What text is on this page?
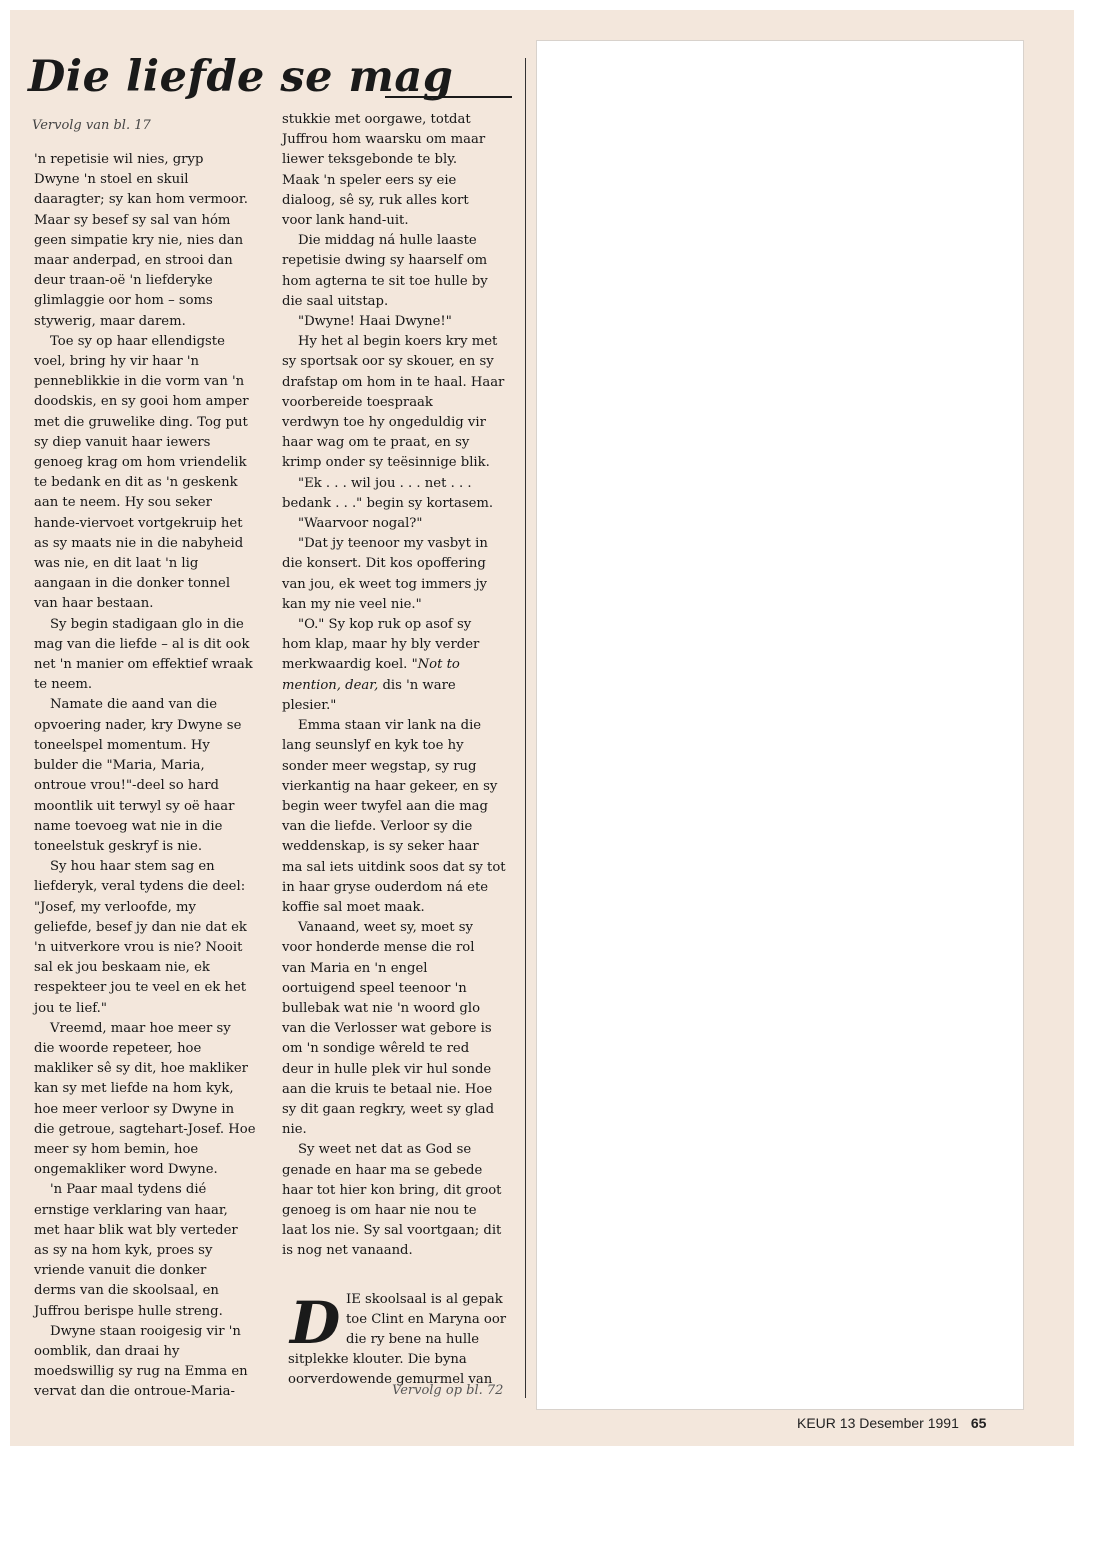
Die liefde se mag
Vervolg van bl. 17

'n repetisie wil nies, gryp
Dwyne 'n stoel en skuil
daaragter; sy kan hom vermoor.
Maar sy besef sy sal van hóm
geen simpatie kry nie, nies dan
maar anderpad, en strooi dan
deur traan-oë 'n liefderyke
glimlaggie oor hom – soms
stywerig, maar darem.

Toe sy op haar ellendigste
voel, bring hy vir haar 'n
penneblikkie in die vorm van 'n
doodskis, en sy gooi hom amper
met die gruwelike ding. Tog put
sy diep vanuit haar iewers
genoeg krag om hom vriendelik
te bedank en dit as 'n geskenk
aan te neem. Hy sou seker
hande-viervoet vortgekruip het
as sy maats nie in die nabyheid
was nie, en dit laat 'n lig
aangaan in die donker tonnel
van haar bestaan.

Sy begin stadigaan glo in die
mag van die liefde – al is dit ook
net 'n manier om effektief wraak
te neem.

Namate die aand van die
opvoering nader, kry Dwyne se
toneelspel momentum. Hy
bulder die "Maria, Maria,
ontroue vrou!"-deel so hard
moontlik uit terwyl sy oë haar
name toevoeg wat nie in die
toneelstuk geskryf is nie.

Sy hou haar stem sag en
liefderyk, veral tydens die deel:
"Josef, my verloofde, my
geliefde, besef jy dan nie dat ek
'n uitverkore vrou is nie? Nooit
sal ek jou beskaam nie, ek
respekteer jou te veel en ek het
jou te lief."

Vreemd, maar hoe meer sy
die woorde repeteer, hoe
makliker sê sy dit, hoe makliker
kan sy met liefde na hom kyk,
hoe meer verloor sy Dwyne in
die getroue, sagtehart-Josef. Hoe
meer sy hom bemin, hoe
ongemakliker word Dwyne.

'n Paar maal tydens dié
ernstige verklaring van haar,
met haar blik wat bly verteder
as sy na hom kyk, proes sy
vriende vanuit die donker
derms van die skoolsaal, en
Juffrou berispe hulle streng.

Dwyne staan rooigesig vir 'n
oomblik, dan draai hy
moedswillig sy rug na Emma en
vervat dan die ontroue-Maria-

stukkie met oorgawe, totdat
Juffrou hom waarsku om maar
liewer teksgebonde te bly.
Maak 'n speler eers sy eie
dialoog, sê sy, ruk alles kort
voor lank hand-uit.

Die middag ná hulle laaste
repetisie dwing sy haarself om
hom agterna te sit toe hulle by
die saal uitstap.

"Dwyne! Haai Dwyne!"

Hy het al begin koers kry met
sy sportsak oor sy skouer, en sy
drafstap om hom in te haal. Haar
voorbereide toespraak
verdwyn toe hy ongeduldig vir
haar wag om te praat, en sy
krimp onder sy teësinnige blik.

"Ek . . . wil jou . . . net . . .
bedank . . ." begin sy kortasem.

"Waarvoor nogal?"

"Dat jy teenoor my vasbyt in
die konsert. Dit kos opoffering
van jou, ek weet tog immers jy
kan my nie veel nie."

"O." Sy kop ruk op asof sy
hom klap, maar hy bly verder
merkwaardig koel. "Not to
mention, dear, dis 'n ware
plesier."

Emma staan vir lank na die
lang seunslyf en kyk toe hy
sonder meer wegstap, sy rug
vierkantig na haar gekeer, en sy
begin weer twyfel aan die mag
van die liefde. Verloor sy die
weddenskap, is sy seker haar
ma sal iets uitdink soos dat sy tot
in haar gryse ouderdom ná ete
koffie sal moet maak.

Vanaand, weet sy, moet sy
voor honderde mense die rol
van Maria en 'n engel
oortuigend speel teenoor 'n
bullebak wat nie 'n woord glo
van die Verlosser wat gebore is
om 'n sondige wêreld te red
deur in hulle plek vir hul sonde
aan die kruis te betaal nie. Hoe
sy dit gaan regkry, weet sy glad
nie.

Sy weet net dat as God se
genade en haar ma se gebede
haar tot hier kon bring, dit groot
genoeg is om haar nie nou te
laat los nie. Sy sal voortgaan; dit
is nog net vanaand.

D IE skoolsaal is al gepak
toe Clint en Maryna oor
die ry bene na hulle
sitplekke klouter. Die byna
oorverdowende gemurmel van

Vervolg op bl. 72
KEUR 13 Desember 1991 65
